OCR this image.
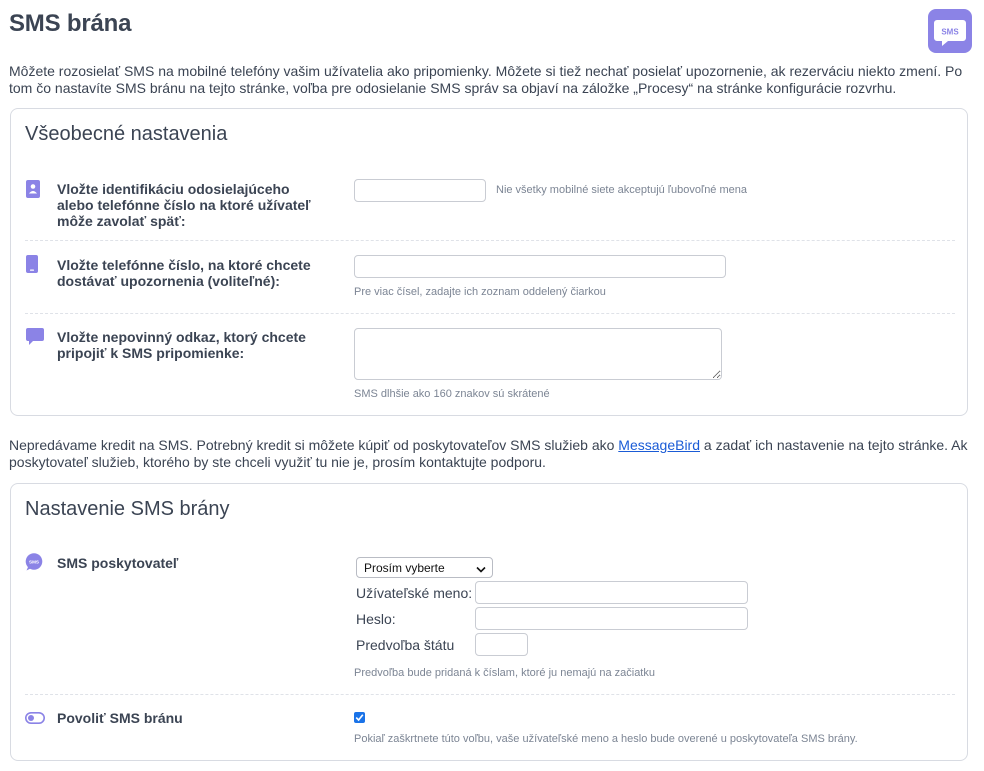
SMS brána	SMS

Môžete rozosielať SMS na mobilné telefóny vašim užívatelia ako pripomienky. Môžete si tiež nechať posielať upozornenie, ak rezerváciu niekto zmení. Po tom čo nastavíte SMS bránu na tejto stránke, voľba pre odosielanie SMS správ sa objaví na záložke „Procesy“ na stránke konfigurácie rozvrhu.

Všeobecné nastavenia
Vložte identifikáciu odosielajúceho alebo telefónne číslo na ktoré užívateľ môže zavolať späť:
Nie všetky mobilné siete akceptujú ľubovoľné mena
Vložte telefónne číslo, na ktoré chcete dostávať upozornenia (voliteľné):
Pre viac čísel, zadajte ich zoznam oddelený čiarkou
Vložte nepovinný odkaz, ktorý chcete pripojiť k SMS pripomienke:
SMS dlhšie ako 160 znakov sú skrátené

Nepredávame kredit na SMS. Potrebný kredit si môžete kúpiť od poskytovateľov SMS služieb ako MessageBird a zadať ich nastavenie na tejto stránke. Ak poskytovateľ služieb, ktorého by ste chceli využiť tu nie je, prosím kontaktujte podporu.

Nastavenie SMS brány
SMS SMS poskytovateľ	Prosím vyberte
Užívateľské meno:
Heslo:
Predvoľba štátu
Predvoľba bude pridaná k číslam, ktoré ju nemajú na začiatku
Povoliť SMS bránu
Pokiaľ zaškrtnete túto voľbu, vaše užívateľské meno a heslo bude overené u poskytovateľa SMS brány.
